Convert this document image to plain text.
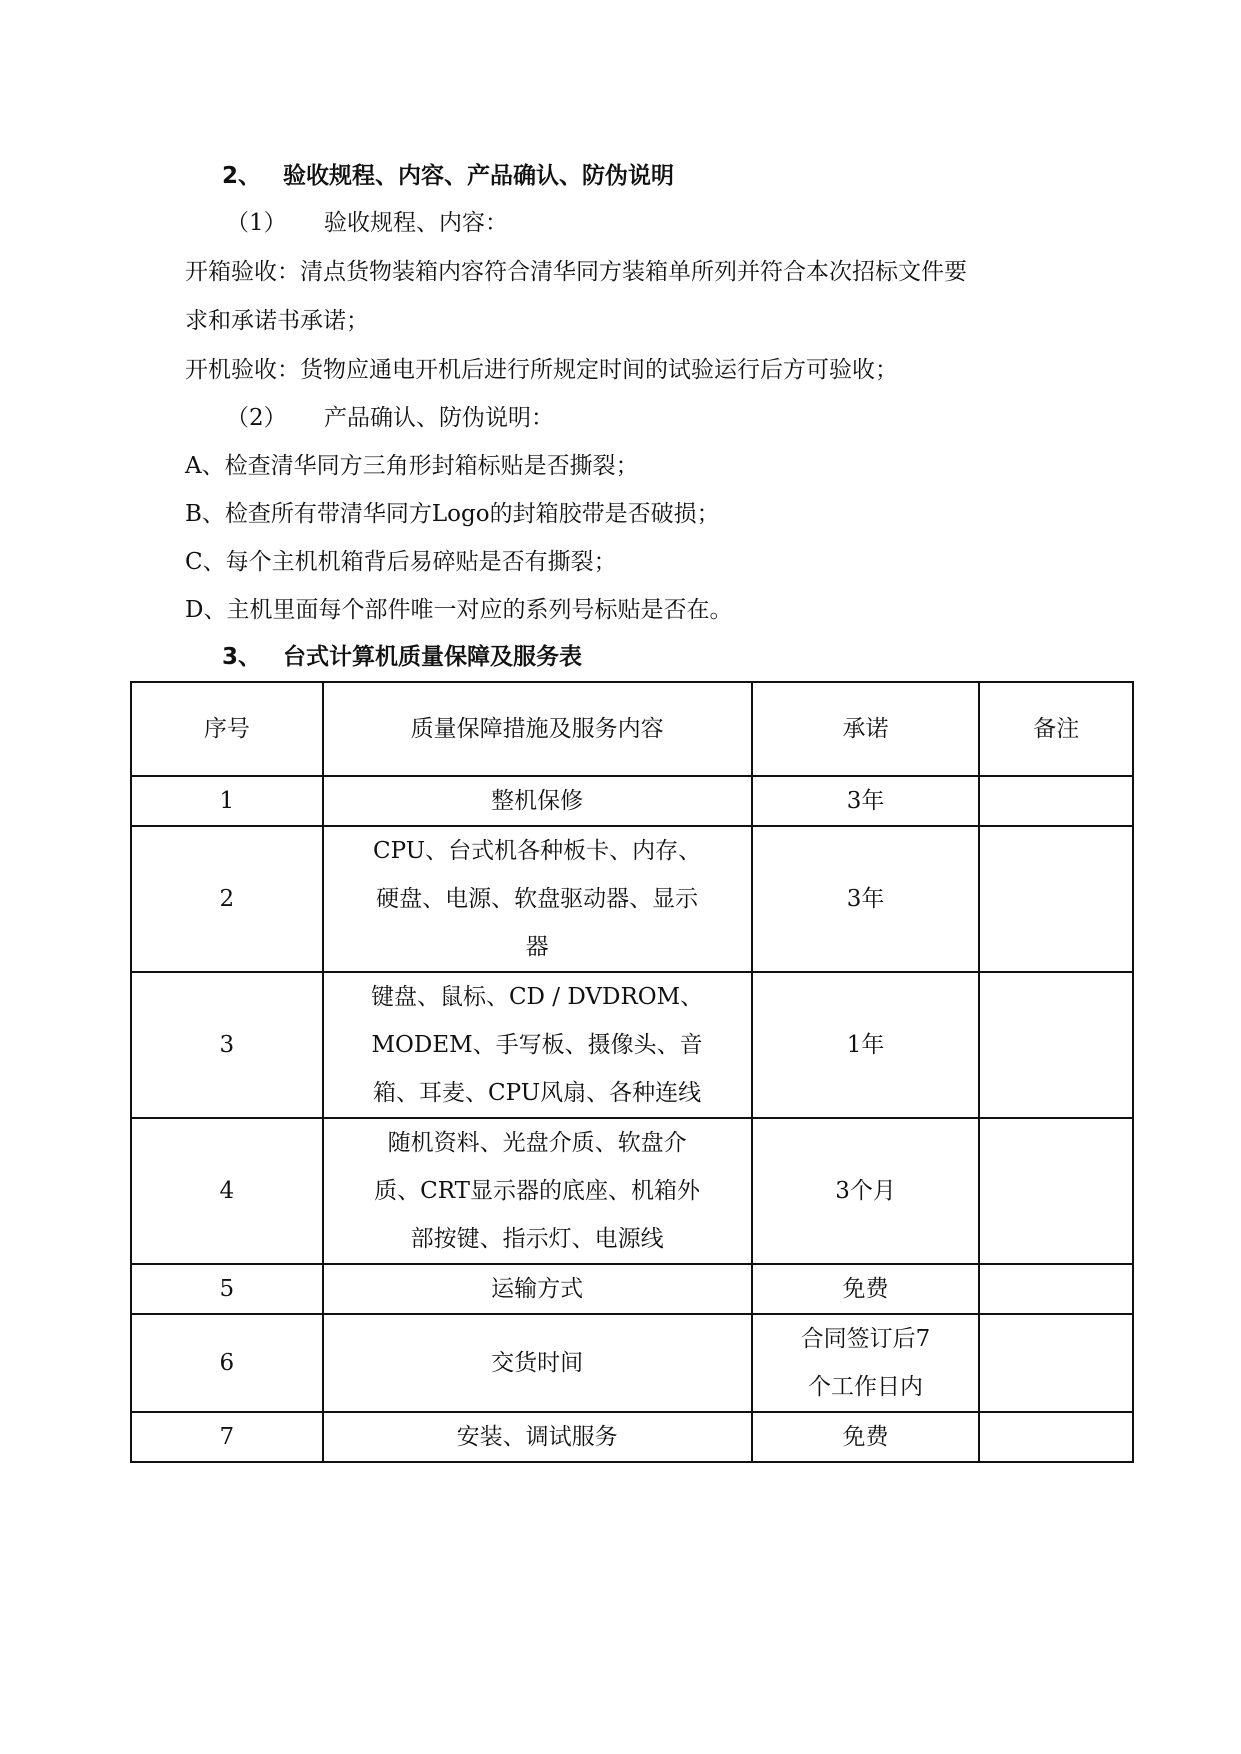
2、 验收规程、内容、产品确认、防伪说明
（1） 验收规程、内容：
开箱验收：清点货物装箱内容符合清华同方装箱单所列并符合本次招标文件要
求和承诺书承诺；
开机验收：货物应通电开机后进行所规定时间的试验运行后方可验收；
（2） 产品确认、防伪说明：
A、检查清华同方三角形封箱标贴是否撕裂；
B、检查所有带清华同方Logo的封箱胶带是否破损；
C、每个主机机箱背后易碎贴是否有撕裂；
D、主机里面每个部件唯一对应的系列号标贴是否在。
3、 台式计算机质量保障及服务表
序号	质量保障措施及服务内容	承诺	备注
1	整机保修	3年	
2	CPU、台式机各种板卡、内存、硬盘、电源、软盘驱动器、显示器	3年	
3	键盘、鼠标、CD / DVDROM、MODEM、手写板、摄像头、音箱、耳麦、CPU风扇、各种连线	1年	
4	随机资料、光盘介质、软盘介质、CRT显示器的底座、机箱外部按键、指示灯、电源线	3个月	
5	运输方式	免费	
6	交货时间	合同签订后7个工作日内	
7	安装、调试服务	免费	
